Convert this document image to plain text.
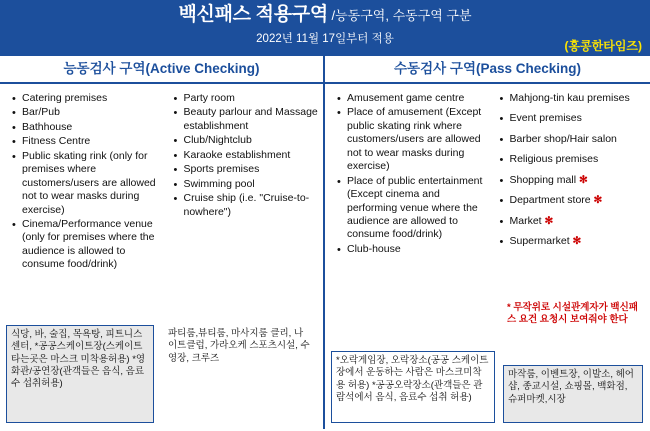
백신패스 적용구역 /능동구역, 수동구역 구분
2022년 11월 17일부터 적용
(홍콩한타임즈)
능동검사 구역(Active Checking)	수동검사 구역(Pass Checking)
• Catering premises
• Bar/Pub
• Bathhouse
• Fitness Centre
• Public skating rink (only for premises where customers/users are allowed not to wear masks during exercise)
• Cinema/Performance venue (only for premises where the audience is allowed to consume food/drink)
• Party room
• Beauty parlour and Massage establishment
• Club/Nightclub
• Karaoke establishment
• Sports premises
• Swimming pool
• Cruise ship (i.e. "Cruise-to-nowhere")
식당, 바, 술집, 목욕탕, 피트니스센터, *공공스케이트장(스케이트 타는곳은 마스크 미착용허용) *영화관/공연장(관객들은 음식, 음료수 섭취허용)
파티룸,뷰티룸, 마사지룸 클리, 나이트클럽, 가라오케 스포츠시설, 수영장, 크루즈
• Amusement game centre
• Place of amusement (Except public skating rink where customers/users are allowed not to wear masks during exercise)
• Place of public entertainment (Except cinema and performing venue where the audience are allowed to consume food/drink)
• Club-house
• Mahjong-tin kau premises
• Event premises
• Barber shop/Hair salon
• Religious premises
• Shopping mall ✻
• Department store ✻
• Market ✻
• Supermarket ✻
*오락게임장, 오락장소(공공 스케이트장에서 운동하는 사람은 마스크미착용 허용) *공공오락장소(관객들은 관람석에서 음식, 음료수 섭취 허용)
마작룸, 이벤트장, 이발소, 헤어샵, 종교시설, 쇼핑몰, 백화점, 슈퍼마켓,시장
* 무작위로 시설관계자가 백신패스 요건 요청시 보여줘야 한다
